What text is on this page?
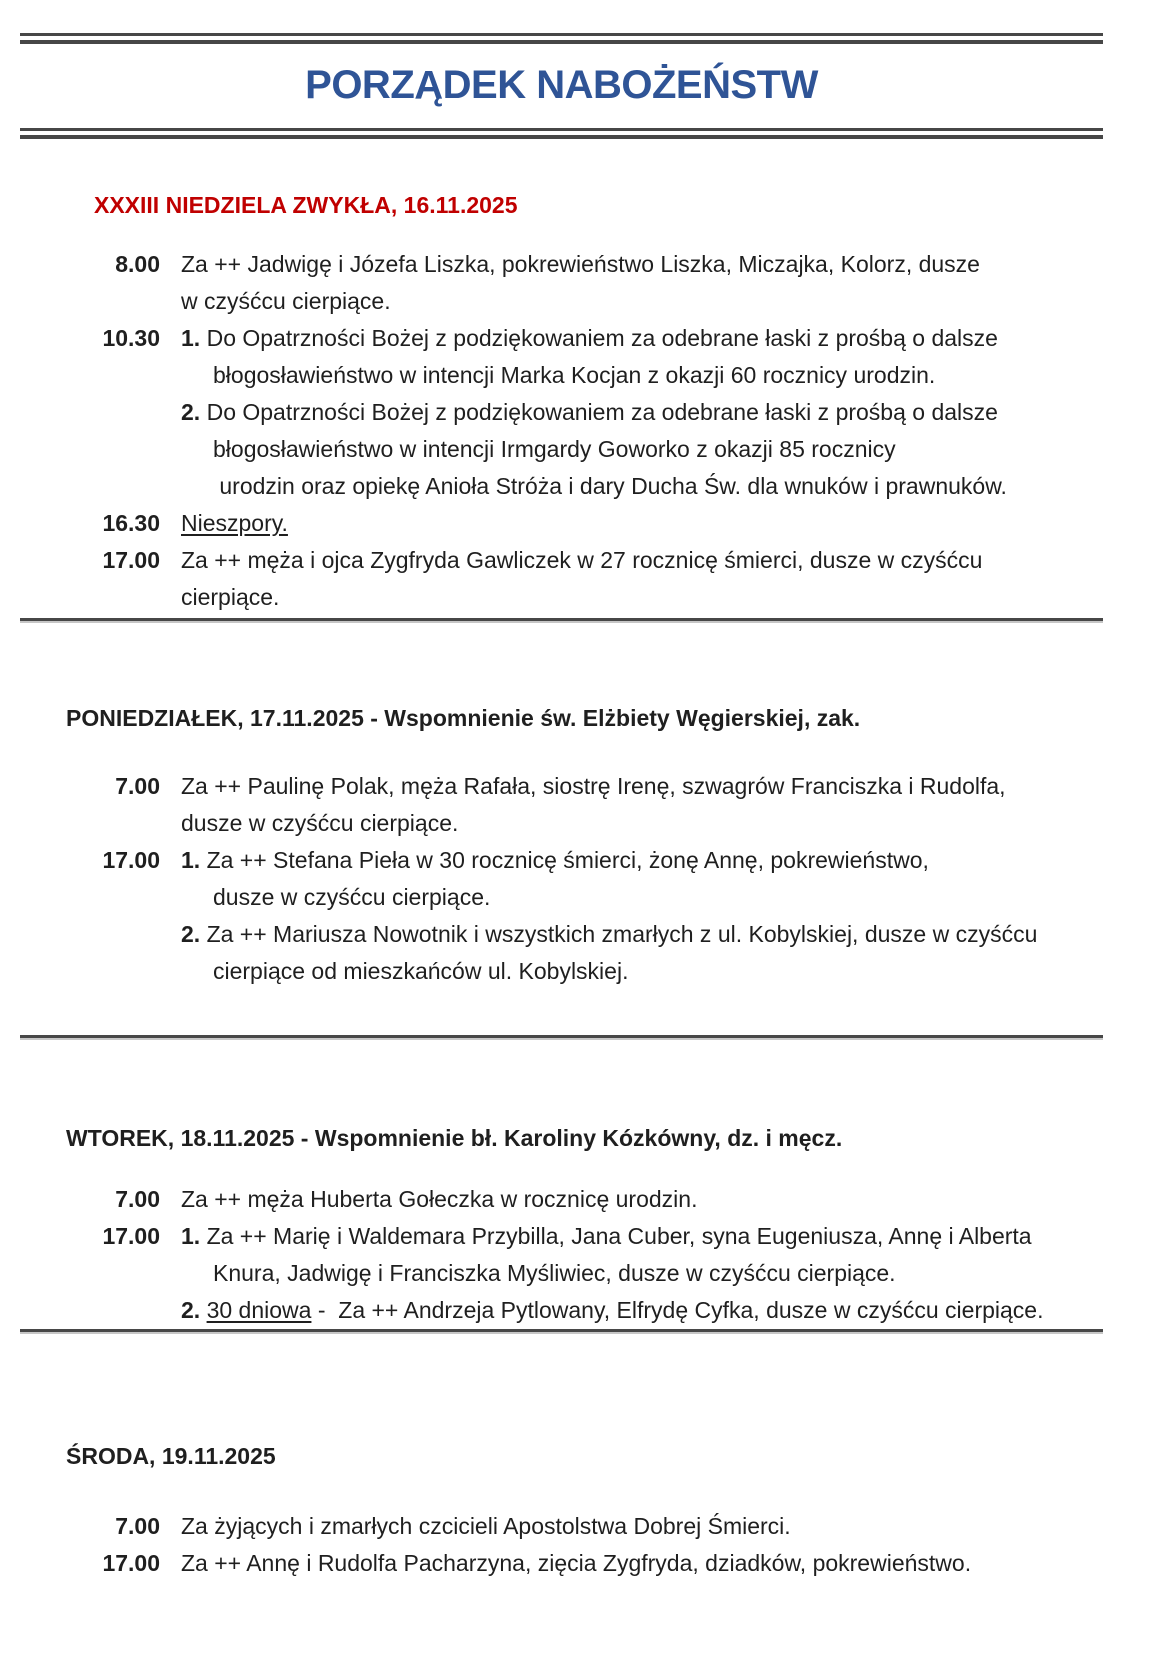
PORZĄDEK NABOŻEŃSTW
XXXIII NIEDZIELA ZWYKŁA, 16.11.2025
8.00 Za ++ Jadwigę i Józefa Liszka, pokrewieństwo Liszka, Miczajka, Kolorz, dusze
w czyśćcu cierpiące.
10.30 1. Do Opatrzności Bożej z podziękowaniem za odebrane łaski z prośbą o dalsze
błogosławieństwo w intencji Marka Kocjan z okazji 60 rocznicy urodzin.
2. Do Opatrzności Bożej z podziękowaniem za odebrane łaski z prośbą o dalsze
błogosławieństwo w intencji Irmgardy Goworko z okazji 85 rocznicy
urodzin oraz opiekę Anioła Stróża i dary Ducha Św. dla wnuków i prawnuków.
16.30 Nieszpory.
17.00 Za ++ męża i ojca Zygfryda Gawliczek w 27 rocznicę śmierci, dusze w czyśćcu
cierpiące.
PONIEDZIAŁEK, 17.11.2025 - Wspomnienie św. Elżbiety Węgierskiej, zak.
7.00 Za ++ Paulinę Polak, męża Rafała, siostrę Irenę, szwagrów Franciszka i Rudolfa,
dusze w czyśćcu cierpiące.
17.00 1. Za ++ Stefana Pieła w 30 rocznicę śmierci, żonę Annę, pokrewieństwo,
dusze w czyśćcu cierpiące.
2. Za ++ Mariusza Nowotnik i wszystkich zmarłych z ul. Kobylskiej, dusze w czyśćcu
cierpiące od mieszkańców ul. Kobylskiej.
WTOREK, 18.11.2025 - Wspomnienie bł. Karoliny Kózkówny, dz. i męcz.
7.00 Za ++ męża Huberta Gołeczka w rocznicę urodzin.
17.00 1. Za ++ Marię i Waldemara Przybilla, Jana Cuber, syna Eugeniusza, Annę i Alberta
Knura, Jadwigę i Franciszka Myśliwiec, dusze w czyśćcu cierpiące.
2. 30 dniowa -  Za ++ Andrzeja Pytlowany, Elfrydę Cyfka, dusze w czyśćcu cierpiące.
ŚRODA, 19.11.2025
7.00 Za żyjących i zmarłych czcicieli Apostolstwa Dobrej Śmierci.
17.00 Za ++ Annę i Rudolfa Pacharzyna, zięcia Zygfryda, dziadków, pokrewieństwo.
